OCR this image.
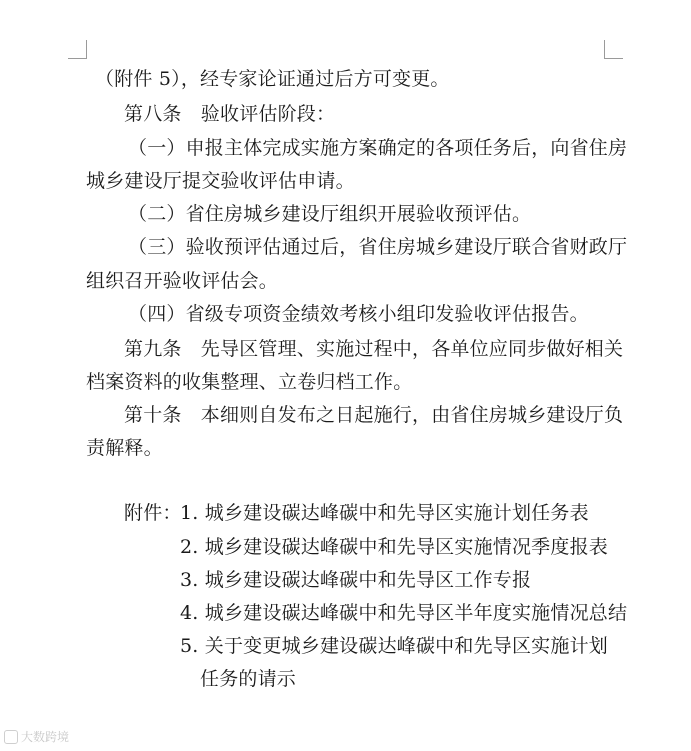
（附件 5），经专家论证通过后方可变更。
第八条　验收评估阶段：
（一）申报主体完成实施方案确定的各项任务后，向省住房
城乡建设厅提交验收评估申请。
（二）省住房城乡建设厅组织开展验收预评估。
（三）验收预评估通过后，省住房城乡建设厅联合省财政厅
组织召开验收评估会。
（四）省级专项资金绩效考核小组印发验收评估报告。
第九条　先导区管理、实施过程中，各单位应同步做好相关
档案资料的收集整理、立卷归档工作。
第十条　本细则自发布之日起施行，由省住房城乡建设厅负
责解释。
附件：
1. 城乡建设碳达峰碳中和先导区实施计划任务表
2. 城乡建设碳达峰碳中和先导区实施情况季度报表
3. 城乡建设碳达峰碳中和先导区工作专报
4. 城乡建设碳达峰碳中和先导区半年度实施情况总结
5. 关于变更城乡建设碳达峰碳中和先导区实施计划
任务的请示
大数跨境
